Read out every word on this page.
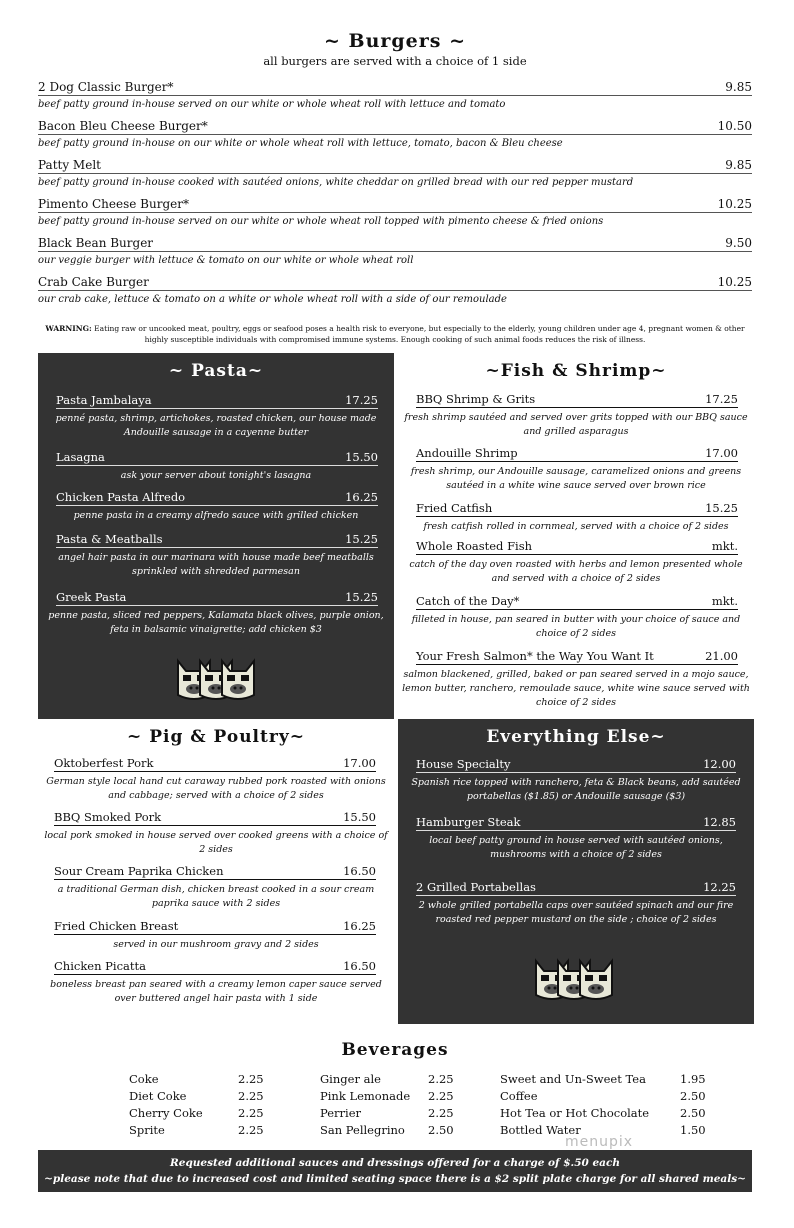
~ Burgers ~
all burgers are served with a choice of 1 side
2 Dog Classic Burger*	9.85
beef patty ground in-house served on our white or whole wheat roll with lettuce and tomato
Bacon Bleu Cheese Burger*	10.50
beef patty ground in-house on our white or whole wheat roll with lettuce, tomato, bacon & Bleu cheese
Patty Melt	9.85
beef patty ground in-house cooked with sautéed onions, white cheddar on grilled bread with our red pepper mustard
Pimento Cheese Burger*	10.25
beef patty ground in-house served on our white or whole wheat roll topped with pimento cheese & fried onions
Black Bean Burger	9.50
our veggie burger with lettuce & tomato on our white or whole wheat roll
Crab Cake Burger	10.25
our crab cake, lettuce & tomato on a white or whole wheat roll with a side of our remoulade
WARNING: Eating raw or uncooked meat, poultry, eggs or seafood poses a health risk to everyone, but especially to the elderly, young children under age 4, pregnant women & other highly susceptible individuals with compromised immune systems. Enough cooking of such animal foods reduces the risk of illness.
~ Pasta~
Pasta Jambalaya	17.25
penné pasta, shrimp, artichokes, roasted chicken, our house made Andouille sausage in a cayenne butter
Lasagna	15.50
ask your server about tonight's lasagna
Chicken Pasta Alfredo	16.25
penne pasta in a creamy alfredo sauce with grilled chicken
Pasta & Meatballs	15.25
angel hair pasta in our marinara with house made beef meatballs sprinkled with shredded parmesan
Greek Pasta	15.25
penne pasta, sliced red peppers, Kalamata black olives, purple onion, feta in balsamic vinaigrette; add chicken $3
~Fish & Shrimp~
BBQ Shrimp & Grits	17.25
fresh shrimp sautéed and served over grits topped with our BBQ sauce and grilled asparagus
Andouille Shrimp	17.00
fresh shrimp, our Andouille sausage, caramelized onions and greens sautéed in a white wine sauce served over brown rice
Fried Catfish	15.25
fresh catfish rolled in cornmeal, served with a choice of 2 sides
Whole Roasted Fish	mkt.
catch of the day oven roasted with herbs and lemon presented whole and served with a choice of 2 sides
Catch of the Day*	mkt.
filleted in house, pan seared in butter with your choice of sauce and choice of 2 sides
Your Fresh Salmon* the Way You Want It	21.00
salmon blackened, grilled, baked or pan seared served in a mojo sauce, lemon butter, ranchero, remoulade sauce, white wine sauce served with choice of 2 sides
~ Pig & Poultry~
Oktoberfest Pork	17.00
German style local hand cut caraway rubbed pork roasted with onions and cabbage; served with a choice of 2 sides
BBQ Smoked Pork	15.50
local pork smoked in house served over cooked greens with a choice of 2 sides
Sour Cream Paprika Chicken	16.50
a traditional German dish, chicken breast cooked in a sour cream paprika sauce with 2 sides
Fried Chicken Breast	16.25
served in our mushroom gravy and 2 sides
Chicken Picatta	16.50
boneless breast pan seared with a creamy lemon caper sauce served over buttered angel hair pasta with 1 side
Everything Else~
House Specialty	12.00
Spanish rice topped with ranchero, feta & Black beans, add sautéed portabellas ($1.85) or Andouille sausage ($3)
Hamburger Steak	12.85
local beef patty ground in house served with sautéed onions, mushrooms with a choice of 2 sides
2 Grilled Portabellas	12.25
2 whole grilled portabella caps over sautéed spinach and our fire roasted red pepper mustard on the side ; choice of 2 sides
Beverages
Coke	2.25
Diet Coke	2.25
Cherry Coke	2.25
Sprite	2.25
Ginger ale	2.25
Pink Lemonade 2.25
Perrier	2.25
San Pellegrino 2.50
Sweet and Un-Sweet Tea	1.95
Coffee	2.50
Hot Tea or Hot Chocolate	2.50
Bottled Water	1.50
Requested additional sauces and dressings offered for a charge of $.50 each
~please note that due to increased cost and limited seating space there is a $2 split plate charge for all shared meals~
menupix
